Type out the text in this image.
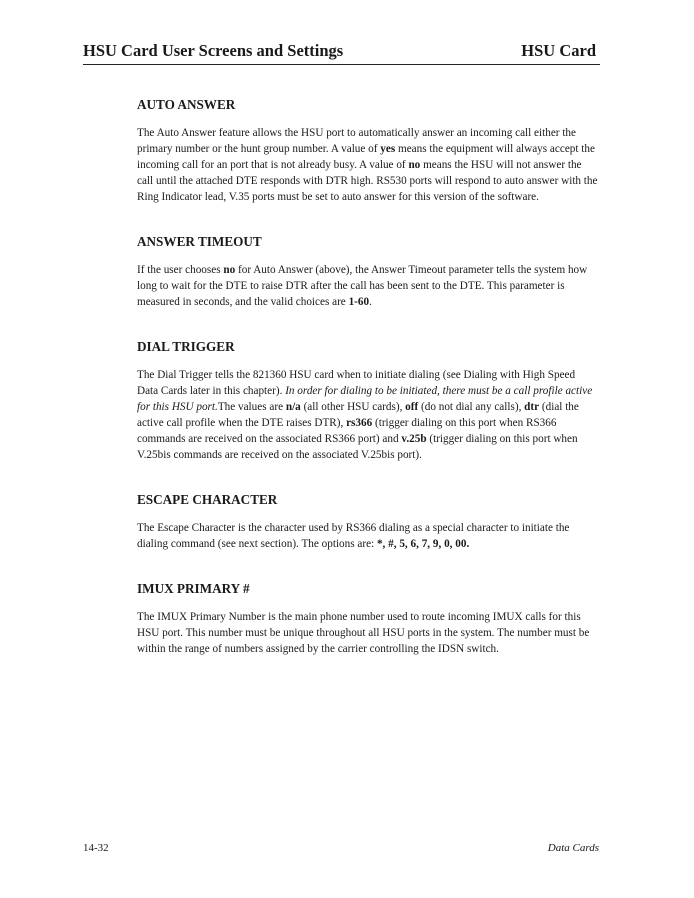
HSU Card User Screens and Settings	HSU Card
AUTO ANSWER

The Auto Answer feature allows the HSU port to automatically answer an incoming call either the primary number or the hunt group number. A value of yes means the equipment will always accept the incoming call for an port that is not already busy. A value of no means the HSU will not answer the call until the attached DTE responds with DTR high. RS530 ports will respond to auto answer with the Ring Indicator lead, V.35 ports must be set to auto answer for this version of the software.

ANSWER TIMEOUT

If the user chooses no for Auto Answer (above), the Answer Timeout parameter tells the system how long to wait for the DTE to raise DTR after the call has been sent to the DTE. This parameter is measured in seconds, and the valid choices are 1-60.

DIAL TRIGGER

The Dial Trigger tells the 821360 HSU card when to initiate dialing (see Dialing with High Speed Data Cards later in this chapter). In order for dialing to be initiated, there must be a call profile active for this HSU port.The values are n/a (all other HSU cards), off (do not dial any calls), dtr (dial the active call profile when the DTE raises DTR), rs366 (trigger dialing on this port when RS366 commands are received on the associated RS366 port) and v.25b (trigger dialing on this port when V.25bis commands are received on the associated V.25bis port).

ESCAPE CHARACTER

The Escape Character is the character used by RS366 dialing as a special character to initiate the dialing command (see next section). The options are: *, #, 5, 6, 7, 9, 0, 00.

IMUX PRIMARY #

The IMUX Primary Number is the main phone number used to route incoming IMUX calls for this HSU port. This number must be unique throughout all HSU ports in the system. The number must be within the range of numbers assigned by the carrier controlling the IDSN switch.

14-32	Data Cards
